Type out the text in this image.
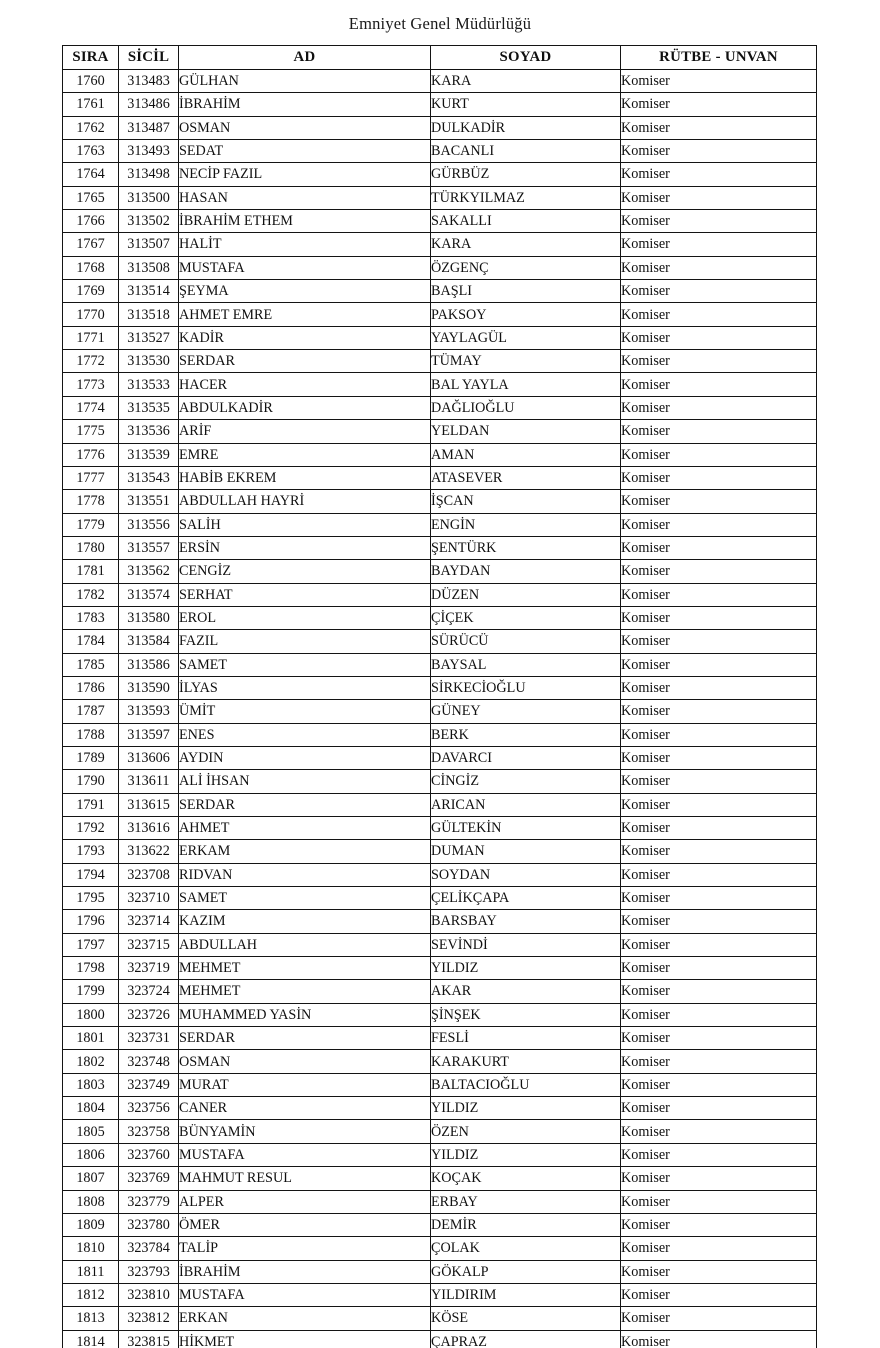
Emniyet Genel Müdürlüğü
SIRA	SİCİL	AD	SOYAD	RÜTBE - UNVAN
1760	313483	GÜLHAN	KARA	Komiser
1761	313486	İBRAHİM	KURT	Komiser
1762	313487	OSMAN	DULKADİR	Komiser
1763	313493	SEDAT	BACANLI	Komiser
1764	313498	NECİP FAZIL	GÜRBÜZ	Komiser
1765	313500	HASAN	TÜRKYILMAZ	Komiser
1766	313502	İBRAHİM ETHEM	SAKALLI	Komiser
1767	313507	HALİT	KARA	Komiser
1768	313508	MUSTAFA	ÖZGENÇ	Komiser
1769	313514	ŞEYMA	BAŞLI	Komiser
1770	313518	AHMET EMRE	PAKSOY	Komiser
1771	313527	KADİR	YAYLAGÜL	Komiser
1772	313530	SERDAR	TÜMAY	Komiser
1773	313533	HACER	BAL YAYLA	Komiser
1774	313535	ABDULKADİR	DAĞLIOĞLU	Komiser
1775	313536	ARİF	YELDAN	Komiser
1776	313539	EMRE	AMAN	Komiser
1777	313543	HABİB EKREM	ATASEVER	Komiser
1778	313551	ABDULLAH HAYRİ	İŞCAN	Komiser
1779	313556	SALİH	ENGİN	Komiser
1780	313557	ERSİN	ŞENTÜRK	Komiser
1781	313562	CENGİZ	BAYDAN	Komiser
1782	313574	SERHAT	DÜZEN	Komiser
1783	313580	EROL	ÇİÇEK	Komiser
1784	313584	FAZIL	SÜRÜCÜ	Komiser
1785	313586	SAMET	BAYSAL	Komiser
1786	313590	İLYAS	SİRKECİOĞLU	Komiser
1787	313593	ÜMİT	GÜNEY	Komiser
1788	313597	ENES	BERK	Komiser
1789	313606	AYDIN	DAVARCI	Komiser
1790	313611	ALİ İHSAN	CİNGİZ	Komiser
1791	313615	SERDAR	ARICAN	Komiser
1792	313616	AHMET	GÜLTEKİN	Komiser
1793	313622	ERKAM	DUMAN	Komiser
1794	323708	RIDVAN	SOYDAN	Komiser
1795	323710	SAMET	ÇELİKÇAPA	Komiser
1796	323714	KAZIM	BARSBAY	Komiser
1797	323715	ABDULLAH	SEVİNDİ	Komiser
1798	323719	MEHMET	YILDIZ	Komiser
1799	323724	MEHMET	AKAR	Komiser
1800	323726	MUHAMMED YASİN	ŞİNŞEK	Komiser
1801	323731	SERDAR	FESLİ	Komiser
1802	323748	OSMAN	KARAKURT	Komiser
1803	323749	MURAT	BALTACIOĞLU	Komiser
1804	323756	CANER	YILDIZ	Komiser
1805	323758	BÜNYAMİN	ÖZEN	Komiser
1806	323760	MUSTAFA	YILDIZ	Komiser
1807	323769	MAHMUT RESUL	KOÇAK	Komiser
1808	323779	ALPER	ERBAY	Komiser
1809	323780	ÖMER	DEMİR	Komiser
1810	323784	TALİP	ÇOLAK	Komiser
1811	323793	İBRAHİM	GÖKALP	Komiser
1812	323810	MUSTAFA	YILDIRIM	Komiser
1813	323812	ERKAN	KÖSE	Komiser
1814	323815	HİKMET	ÇAPRAZ	Komiser
